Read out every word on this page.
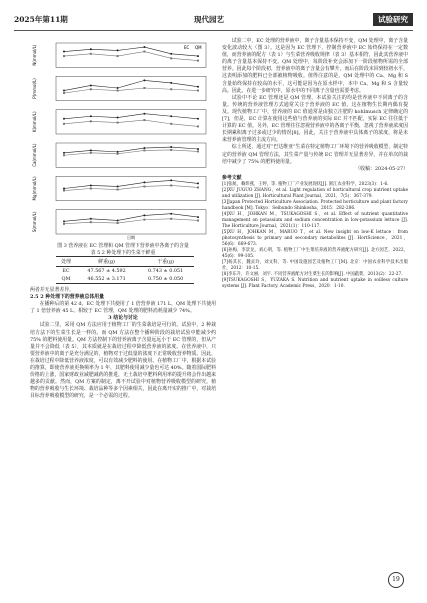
2025年第11期	现代园艺	试验研究
N(mmol/L)	EC QM
P(mmol/L)
K(mmol/L)
Ca(mmol/L)
Mg(mmol/L)
S(mmol/L)
日期
图 3 营养液在 EC 管理和 QM 管理下营养液中各离子的含量
表 5 2 种处理下的生菜干鲜重
处理	鲜重(g)	干重(g)
EC	47.567 ± 4.592	0.743 ± 0.051
QM	46.552 ± 3.171	0.750 ± 0.050
两者并无显著差异。
2.5 2 种处理下的营养液总体用量
在播种后的第 42 d，EC 处理下共使用了 1 倍营养液 171 L，QM 处理下共使用了 1 倍营养液 45 L，相较于 EC 管理，QM 处理的肥料消耗量减少 74%。
3 结论与讨论
试验二里，采用 QM 方法应用于植物工厂的生菜栽培是可行的。试验中，2 种栽培方法下的生菜生长是一样的。而 QM 方法在整个播种阶段的栽培试验中能减少约 75% 的肥料使用量。QM 方法控制下的营养液离子含量远远小于 EC 管理的，但从产量并不会降低（表 5），其本质就是在栽培过程中降低营养液的浓度。在营养液中，只要营养液中的离子是充分满足的，植物对于过低量的浓度下正常吸收营养物质。因此，在栽培过程中降低营养液浓度，可以有效减少肥料的使用。在植物工厂中，根据本试验的推算，即使营养液更换频率为 1 年，其肥料使用减少量也可达 40%。随着国际肥料价格的上涨，国家财政业减肥减药的推进，无土栽培中肥料利用率的提升将会作出越来越多的贡献。然而，QM 方案的制定，离不开试验中对植物营养吸收模型的研究。植物的营养吸收与生长环境、栽培品种等多个因素相关，因此在离开实的推广中，对栽培目标营养吸收模型的研究，是一个必需的过程。
试验二中，EC 处理的营养液中，离子含量基本保持不变，QM 处理中，离子含量变化波动较大（图 3）。这是因为 EC 管理下，控制营养液中 EC 始终保持在一定数值，而营养液的配方（表 1）与生菜营养吸收规律（表 3）基本相符，因此其营养液中的离子含量基本保持不变。QM 处理中，每阶段补充会添加下一阶段植物所需的全部营养。因此每个阶段初，营养液中的离子含量会有攀升，而后在阶段末回到较初水平，这表明添加的肥料已全部被植物吸收。值得注意的是，QM 处理中的 Ca、Mg 和 S 含量始终保持在较高的水平，这可能是因为在原水样中，本中 Ca、Mg 和 S 含量较高。因此，在进一步研究中，原水中的不同离子含量也需要考虑。
试验中不论 EC 管理还是 QM 管理，本试验关注的均是营养液中不同离子的含量。传统的营养液管理方式通常关注于营养液的 EC 值，这在植物生长期内偶有提及。现代植物工厂中，营养液的 EC 值通常是由独立注肥的 kohlmusch 定律确定的[7]，但是，EC 计算在使用这些值与营养液的实际 EC 并不匹配，实际 EC 往往低于计算的 EC 值。另外，EC 管理往往忽视营养液中的各离子平衡，忽视了营养液浓度因长期累积离子过多或过少的情况[8]。因此，关注于营养液中具体离子的浓度，将是未来营养液管理的主流方向。
综上所述，通过对“巴达维亚”生菜在特定植物工厂环境下的营养吸收模型，制定特定的营养液 QM 管理方法，其生菜产量与传统 EC 管理并无显著差异，并在单次的栽培中减少了 75% 的肥料使用量。
（收稿：2024-05-27）
参考文献
[1]张航，赖炜燕，王婷，等. 植物工厂产业发展现状[J]. 浙江农业科学，2023(3)：1-6.
[2]XU JUGUO ZHANG，et al. Light regulation of horticultural crop nutrient uptake and utilization [J]. Horticultural Plant Journal，2021，7(5)：367-379.
[3]Japan Protected Horticulture Association. Protected horticulture and plant factory handbook [M]. Tokyo：Seibundo Shinkosha，2015：282-286.
[4]XU H，JOHKAN M，TSUKAGOSHI S，et al. Effect of nutrient quantitative management on potassium and sodium concentration in low-potassium lettuce [J]. The Horticulture Journal，2021(1)：110-117.
[5]XU H，JOHKAN M，MARUO T，et al. New insight on low-K lettuce：from photosynthesis to primary and secondary metabolites [J]. HortScience，2021，56(6)：669-673.
[6]孙梅，李景龙，刘心明，等. 植物工厂中生菜培养液的营养液配方研究[J]. 北方园艺，2022，45(6)：99-105.
[7]杨其长，魏灵玲，刘文科，等. 中国设施园艺及植物工厂[M]. 北京：中国农业科学技术出版社，2012：10-15.
[8]李东升，许文丽，刘宇. 不同营养液配方对生菜生长的影响[J]. 中国蔬菜，2013(2)：22-27.
[9]TSUKAGOSHI S，YUZAKA S. Nutrition and nutrient uptake in soilless culture systems [J]. Plant Factory. Academic Press，2020：1-10.
19
